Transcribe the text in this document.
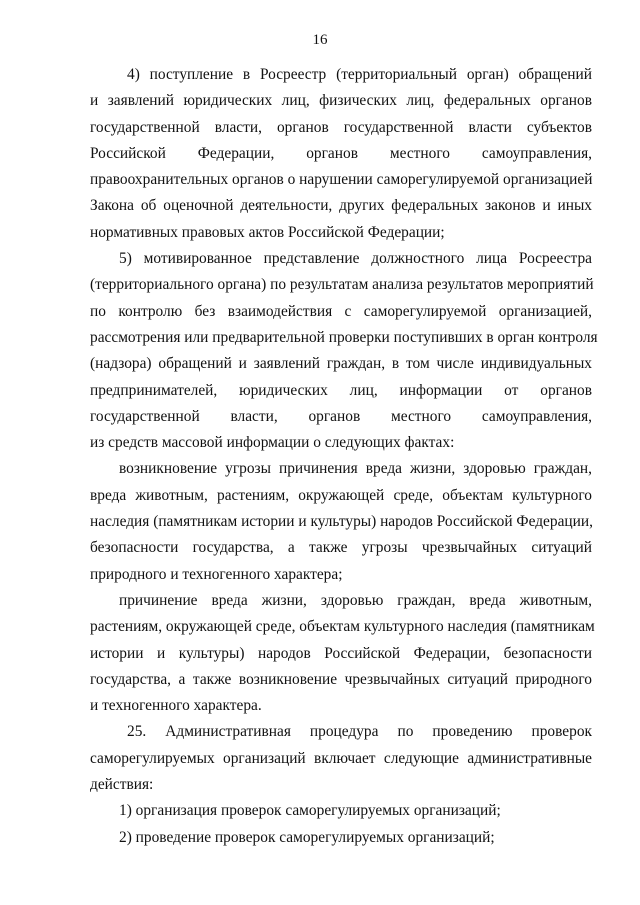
16
4) поступление в Росреестр (территориальный орган) обращений
и заявлений юридических лиц, физических лиц, федеральных органов
государственной власти, органов государственной власти субъектов
Российской Федерации, органов местного самоуправления,
правоохранительных органов о нарушении саморегулируемой организацией
Закона об оценочной деятельности, других федеральных законов и иных
нормативных правовых актов Российской Федерации;
5) мотивированное представление должностного лица Росреестра
(территориального органа) по результатам анализа результатов мероприятий
по контролю без взаимодействия с саморегулируемой организацией,
рассмотрения или предварительной проверки поступивших в орган контроля
(надзора) обращений и заявлений граждан, в том числе индивидуальных
предпринимателей, юридических лиц, информации от органов
государственной власти, органов местного самоуправления,
из средств массовой информации о следующих фактах:
возникновение угрозы причинения вреда жизни, здоровью граждан,
вреда животным, растениям, окружающей среде, объектам культурного
наследия (памятникам истории и культуры) народов Российской Федерации,
безопасности государства, а также угрозы чрезвычайных ситуаций
природного и техногенного характера;
причинение вреда жизни, здоровью граждан, вреда животным,
растениям, окружающей среде, объектам культурного наследия (памятникам
истории и культуры) народов Российской Федерации, безопасности
государства, а также возникновение чрезвычайных ситуаций природного
и техногенного характера.
25. Административная процедура по проведению проверок
саморегулируемых организаций включает следующие административные
действия:
1) организация проверок саморегулируемых организаций;
2) проведение проверок саморегулируемых организаций;
